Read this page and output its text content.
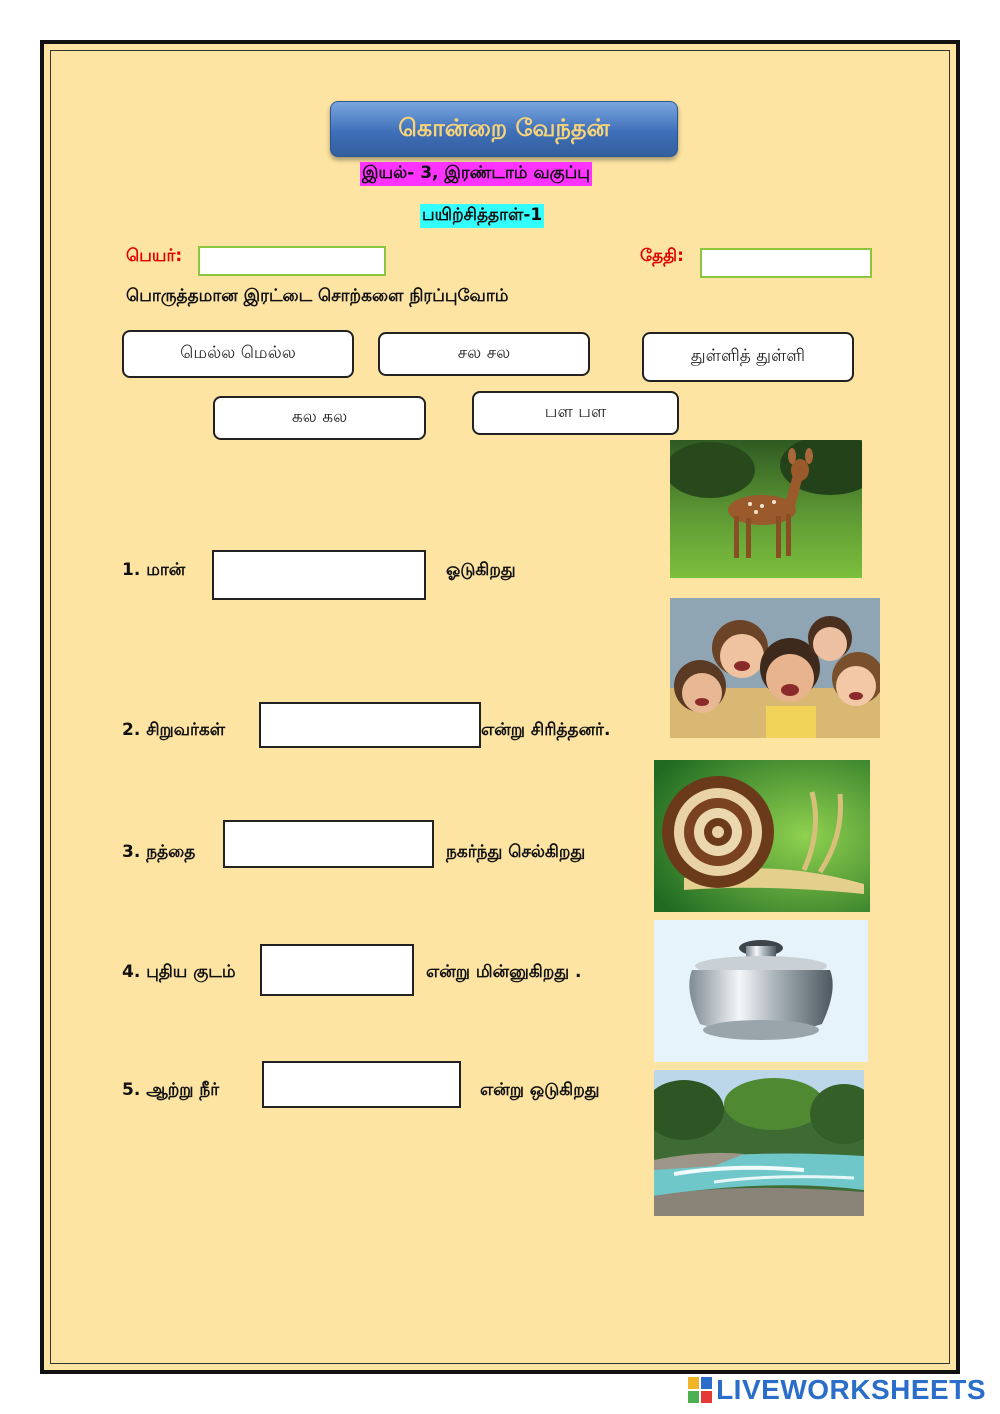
கொன்றை வேந்தன்
இயல்- 3, இரண்டாம் வகுப்பு
பயிற்சித்தாள்-1
பெயர்:	தேதி:
பொருத்தமான இரட்டை சொற்களை நிரப்புவோம்
மெல்ல மெல்ல	சல சல	துள்ளித் துள்ளி
கல கல	பள பள
1. மான்	ஓடுகிறது
2. சிறுவர்கள்	என்று சிரித்தனர்.
3. நத்தை	நகர்ந்து செல்கிறது
4. புதிய குடம்	என்று மின்னுகிறது .
5. ஆற்று நீர்	என்று ஒடுகிறது
LIVEWORKSHEETS
